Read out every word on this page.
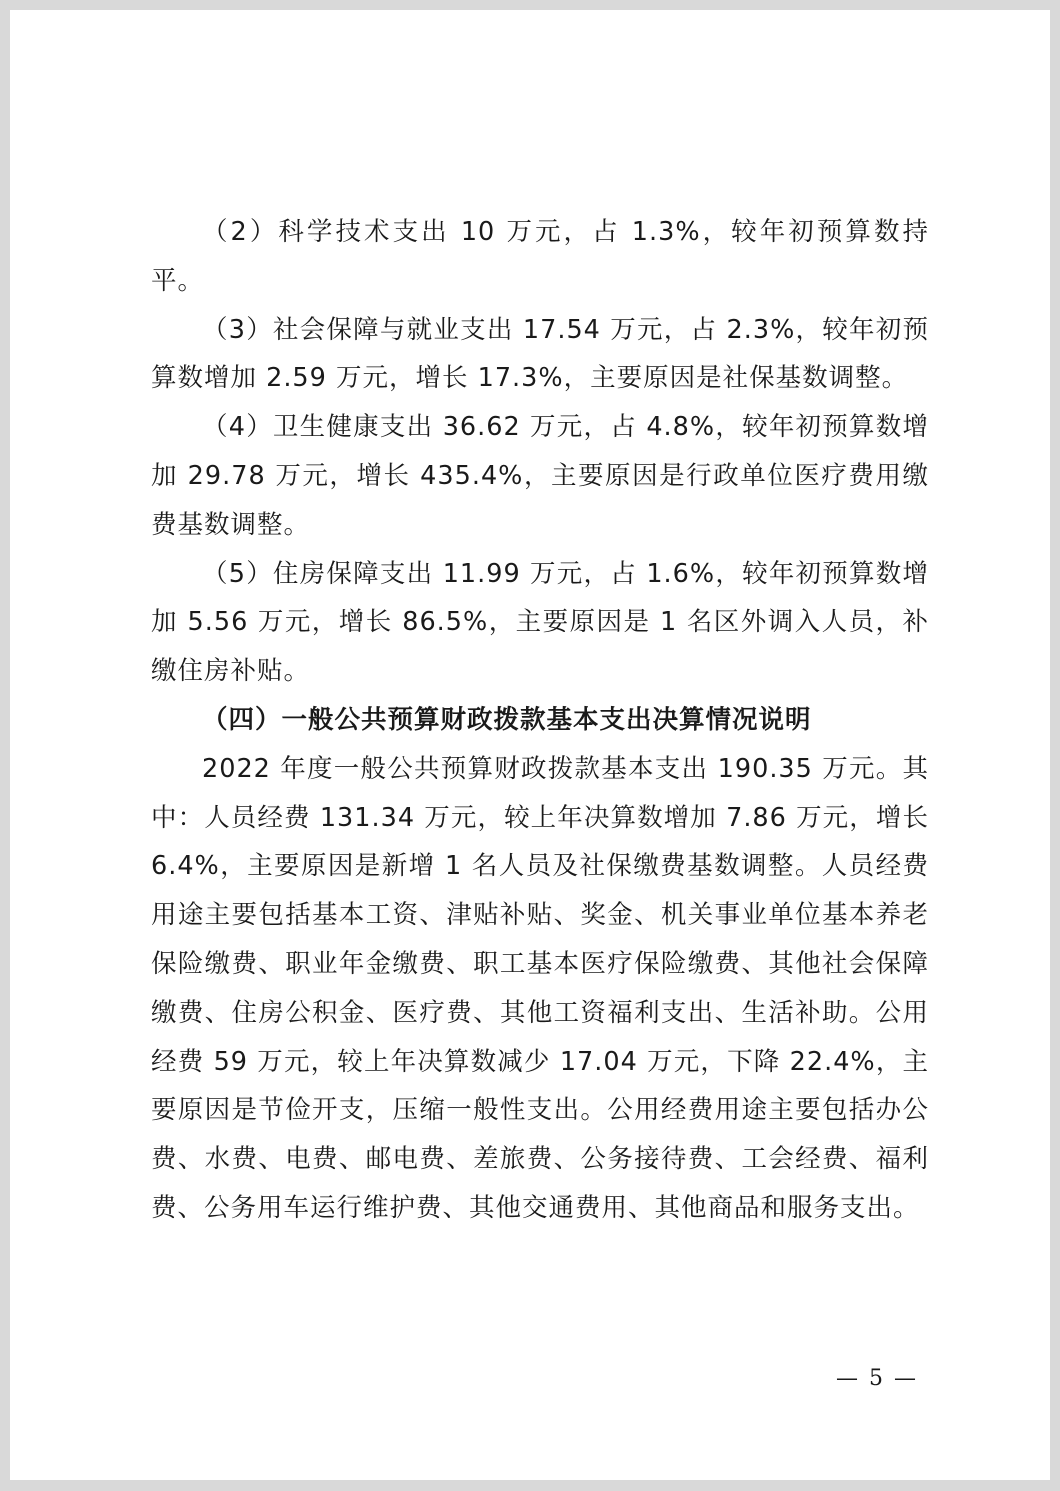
（2）科学技术支出 10 万元，占 1.3%，较年初预算数持平。

（3）社会保障与就业支出 17.54 万元，占 2.3%，较年初预算数增加 2.59 万元，增长 17.3%，主要原因是社保基数调整。

（4）卫生健康支出 36.62 万元，占 4.8%，较年初预算数增加 29.78 万元，增长 435.4%，主要原因是行政单位医疗费用缴费基数调整。

（5）住房保障支出 11.99 万元，占 1.6%，较年初预算数增加 5.56 万元，增长 86.5%，主要原因是 1 名区外调入人员，补缴住房补贴。

（四）一般公共预算财政拨款基本支出决算情况说明

2022 年度一般公共预算财政拨款基本支出 190.35 万元。其中：人员经费 131.34 万元，较上年决算数增加 7.86 万元，增长 6.4%，主要原因是新增 1 名人员及社保缴费基数调整。人员经费用途主要包括基本工资、津贴补贴、奖金、机关事业单位基本养老保险缴费、职业年金缴费、职工基本医疗保险缴费、其他社会保障缴费、住房公积金、医疗费、其他工资福利支出、生活补助。公用经费 59 万元，较上年决算数减少 17.04 万元，下降 22.4%，主要原因是节俭开支，压缩一般性支出。公用经费用途主要包括办公费、水费、电费、邮电费、差旅费、公务接待费、工会经费、福利费、公务用车运行维护费、其他交通费用、其他商品和服务支出。

— 5 —
